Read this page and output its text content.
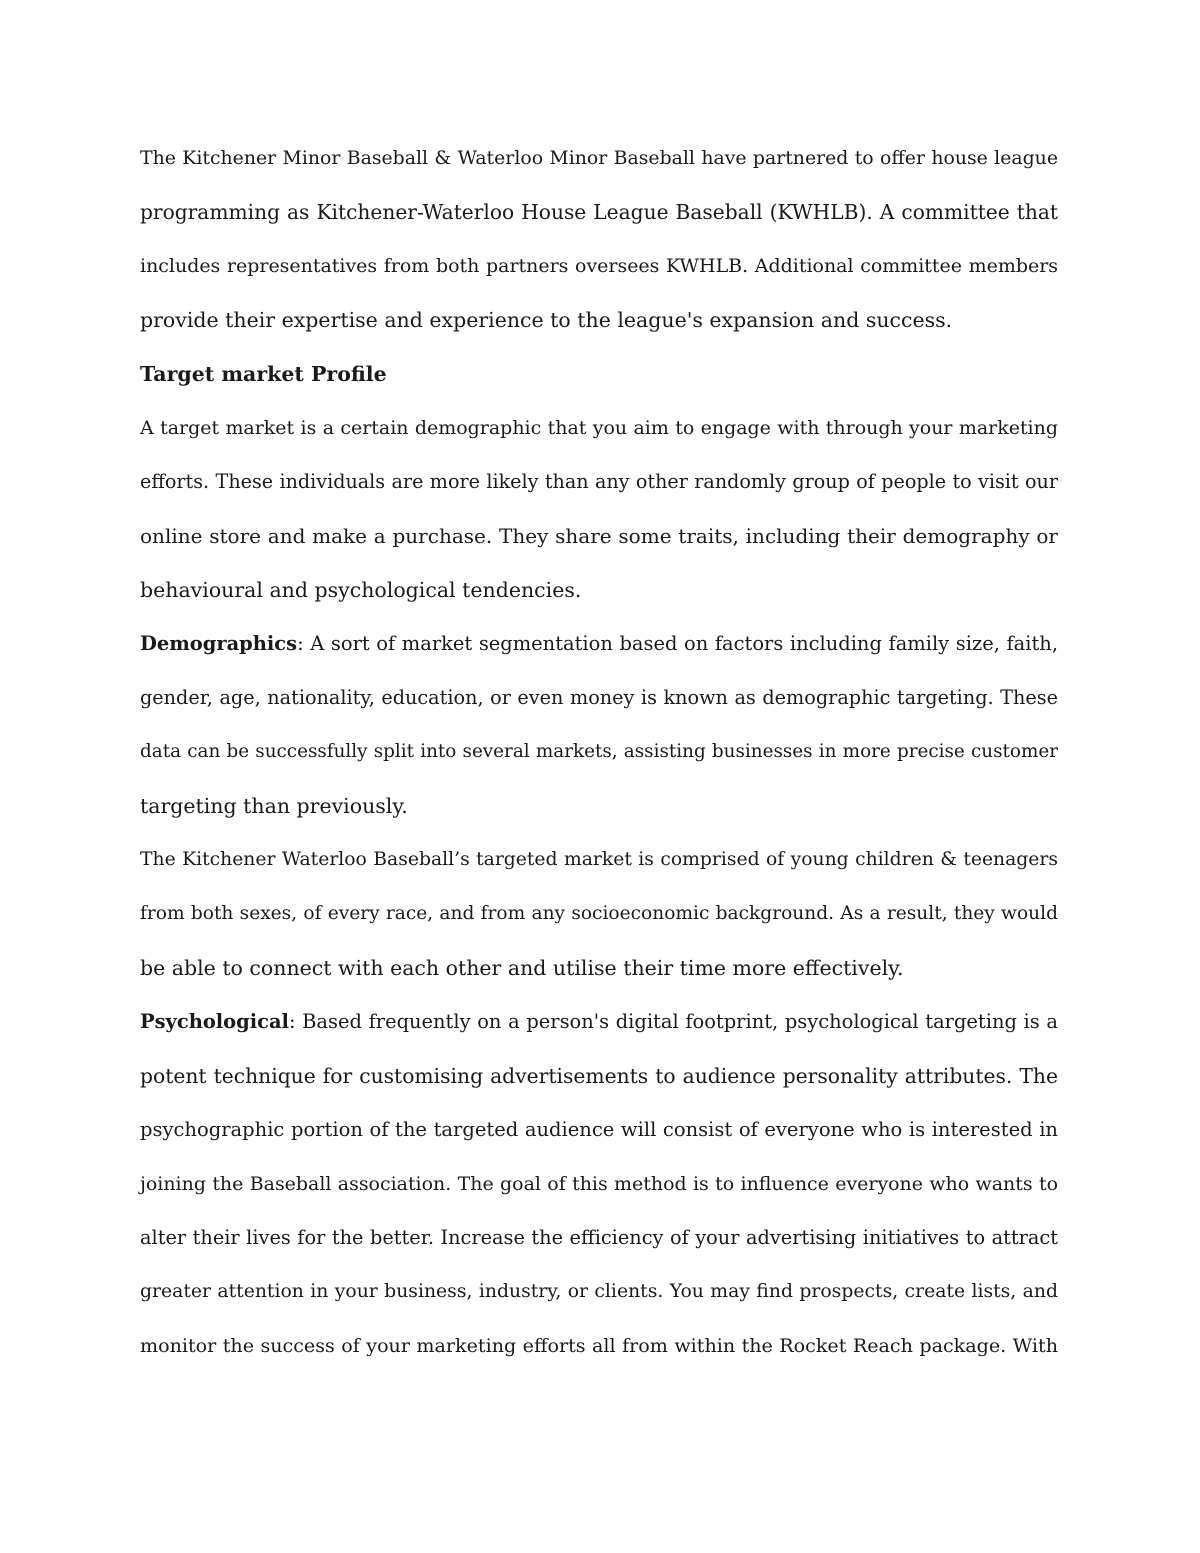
The Kitchener Minor Baseball & Waterloo Minor Baseball have partnered to offer house league
programming as Kitchener-Waterloo House League Baseball (KWHLB). A committee that
includes representatives from both partners oversees KWHLB. Additional committee members
provide their expertise and experience to the league's expansion and success.
Target market Profile
A target market is a certain demographic that you aim to engage with through your marketing
efforts. These individuals are more likely than any other randomly group of people to visit our
online store and make a purchase. They share some traits, including their demography or
behavioural and psychological tendencies.
Demographics: A sort of market segmentation based on factors including family size, faith,
gender, age, nationality, education, or even money is known as demographic targeting. These
data can be successfully split into several markets, assisting businesses in more precise customer
targeting than previously.
The Kitchener Waterloo Baseball’s targeted market is comprised of young children & teenagers
from both sexes, of every race, and from any socioeconomic background. As a result, they would
be able to connect with each other and utilise their time more effectively.
Psychological: Based frequently on a person's digital footprint, psychological targeting is a
potent technique for customising advertisements to audience personality attributes. The
psychographic portion of the targeted audience will consist of everyone who is interested in
joining the Baseball association. The goal of this method is to influence everyone who wants to
alter their lives for the better. Increase the efficiency of your advertising initiatives to attract
greater attention in your business, industry, or clients. You may find prospects, create lists, and
monitor the success of your marketing efforts all from within the Rocket Reach package. With
